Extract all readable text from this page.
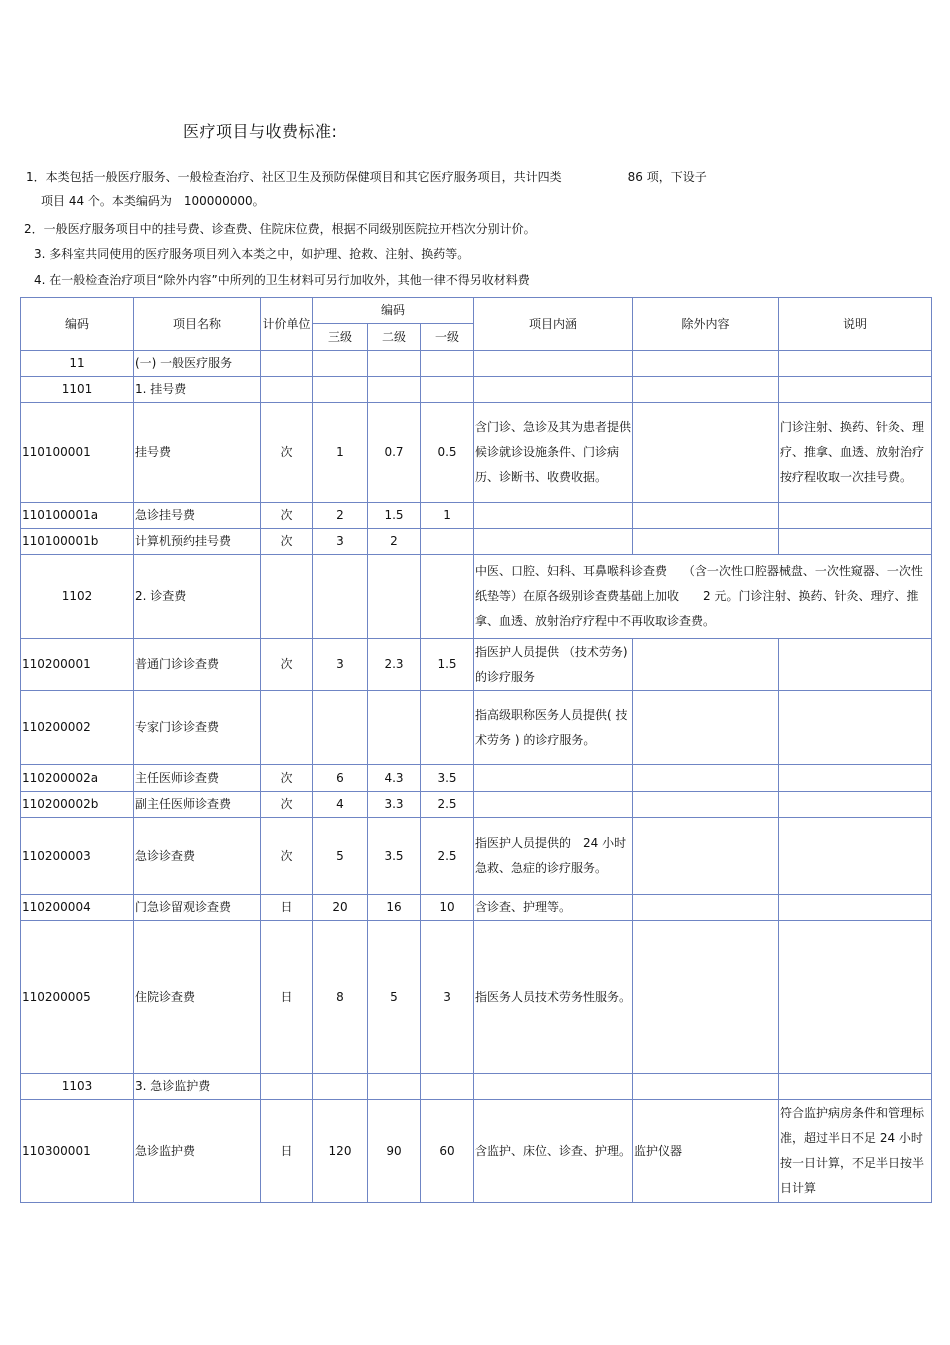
医疗项目与收费标准:
1．本类包括一般医疗服务、一般检查治疗、社区卫生及预防保健项目和其它医疗服务项目，共计四类	86 项，下设子
项目 44 个。本类编码为 100000000。
2．一般医疗服务项目中的挂号费、诊查费、住院床位费，根据不同级别医院拉开档次分别计价。
3. 多科室共同使用的医疗服务项目列入本类之中，如护理、抢救、注射、换药等。
4. 在一般检查治疗项目“除外内容”中所列的卫生材料可另行加收外，其他一律不得另收材料费
编码	项目名称	计价单位	编码			项目内涵	除外内容	说明
			三级	二级	一级			
11	(一) 一般医疗服务							
1101	1. 挂号费							
110100001	挂号费	次	1	0.7	0.5	含门诊、急诊及其为患者提供候诊就诊设施条件、门诊病历、诊断书、收费收据。		门诊注射、换药、针灸、理疗、推拿、血透、放射治疗按疗程收取一次挂号费。
110100001a	急诊挂号费	次	2	1.5	1			
110100001b	计算机预约挂号费	次	3	2				
1102	2. 诊查费					中医、口腔、妇科、耳鼻喉科诊查费　 （含一次性口腔器械盘、一次性窥器、一次性纸垫等）在原各级别诊查费基础上加收　　2 元。门诊注射、换药、针灸、理疗、推拿、血透、放射治疗疗程中不再收取诊查费。		
110200001	普通门诊诊查费	次	3	2.3	1.5	指医护人员提供 （技术劳务) 的诊疗服务		
110200002	专家门诊诊查费					指高级职称医务人员提供( 技术劳务 ) 的诊疗服务。		
110200002a	主任医师诊查费	次	6	4.3	3.5			
110200002b	副主任医师诊查费	次	4	3.3	2.5			
110200003	急诊诊查费	次	5	3.5	2.5	指医护人员提供的　24 小时急救、急症的诊疗服务。		
110200004	门急诊留观诊查费	日	20	16	10	含诊查、护理等。		
110200005	住院诊查费	日	8	5	3	指医务人员技术劳务性服务。		
1103	3. 急诊监护费							
110300001	急诊监护费	日	120	90	60	含监护、床位、诊查、护理。	监护仪器	符合监护病房条件和管理标准，超过半日不足 24 小时按一日计算，不足半日按半日计算
